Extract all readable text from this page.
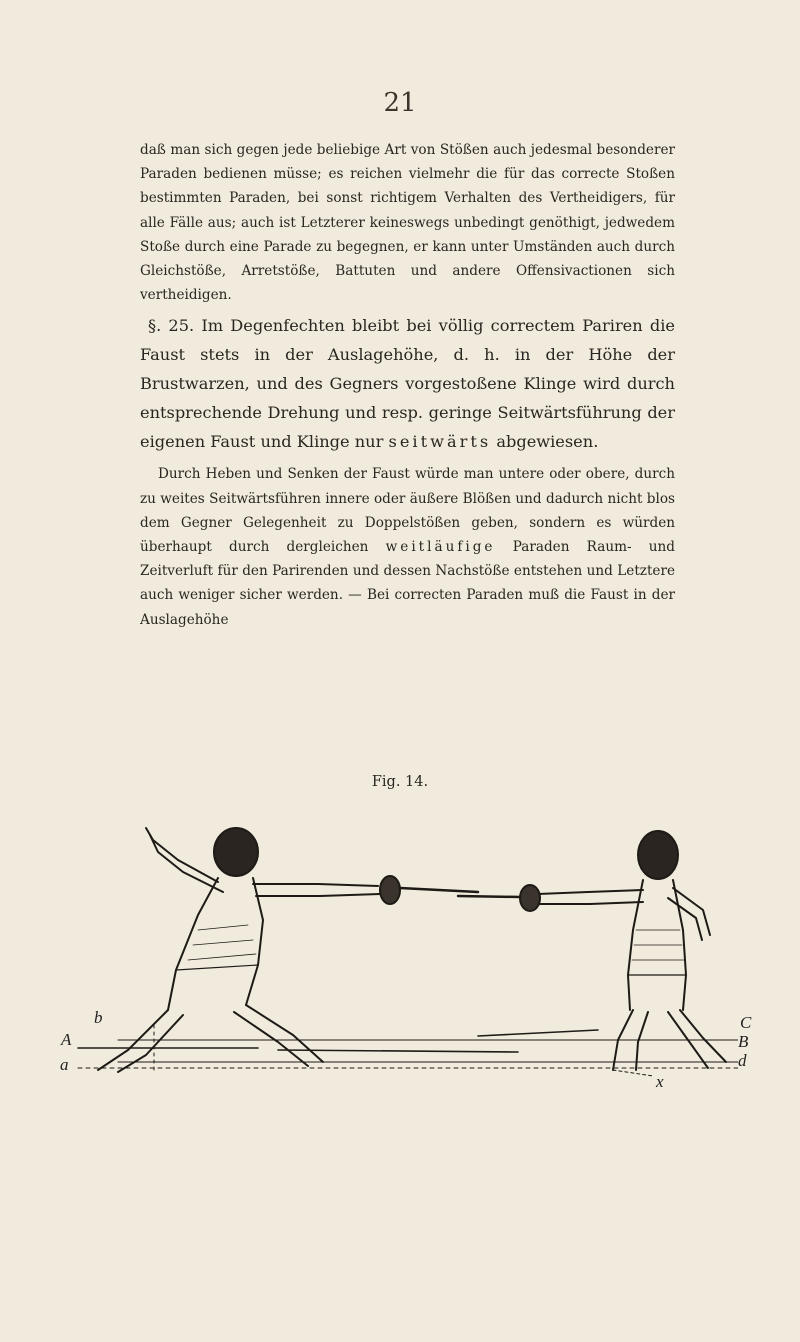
21

daß man sich gegen jede beliebige Art von Stößen auch jedesmal besonderer Paraden bedienen müsse; es reichen vielmehr die für das correcte Stoßen bestimmten Paraden, bei sonst richtigem Verhalten des Vertheidigers, für alle Fälle aus; auch ist Letzterer keineswegs unbedingt genöthigt, jedwedem Stoße durch eine Parade zu begegnen, er kann unter Umständen auch durch Gleichstöße, Arretstöße, Battuten und andere Offensivactionen sich vertheidigen.

§. 25. Im Degenfechten bleibt bei völlig correctem Pariren die Faust stets in der Auslagehöhe, d. h. in der Höhe der Brustwarzen, und des Gegners vorgestoßene Klinge wird durch entsprechende Drehung und resp. geringe Seitwärtsführung der eigenen Faust und Klinge nur seitwärts abgewiesen.

Durch Heben und Senken der Faust würde man untere oder obere, durch zu weites Seitwärtsführen innere oder äußere Blößen und dadurch nicht blos dem Gegner Gelegenheit zu Doppelstößen geben, sondern es würden überhaupt durch dergleichen weitläufige Paraden Raum- und Zeitverluft für den Parirenden und dessen Nachstöße entstehen und Letztere auch weniger sicher werden. — Bei correcten Paraden muß die Faust in der Auslagehöhe

Fig. 14.
b
A
a
C
B
d
x
